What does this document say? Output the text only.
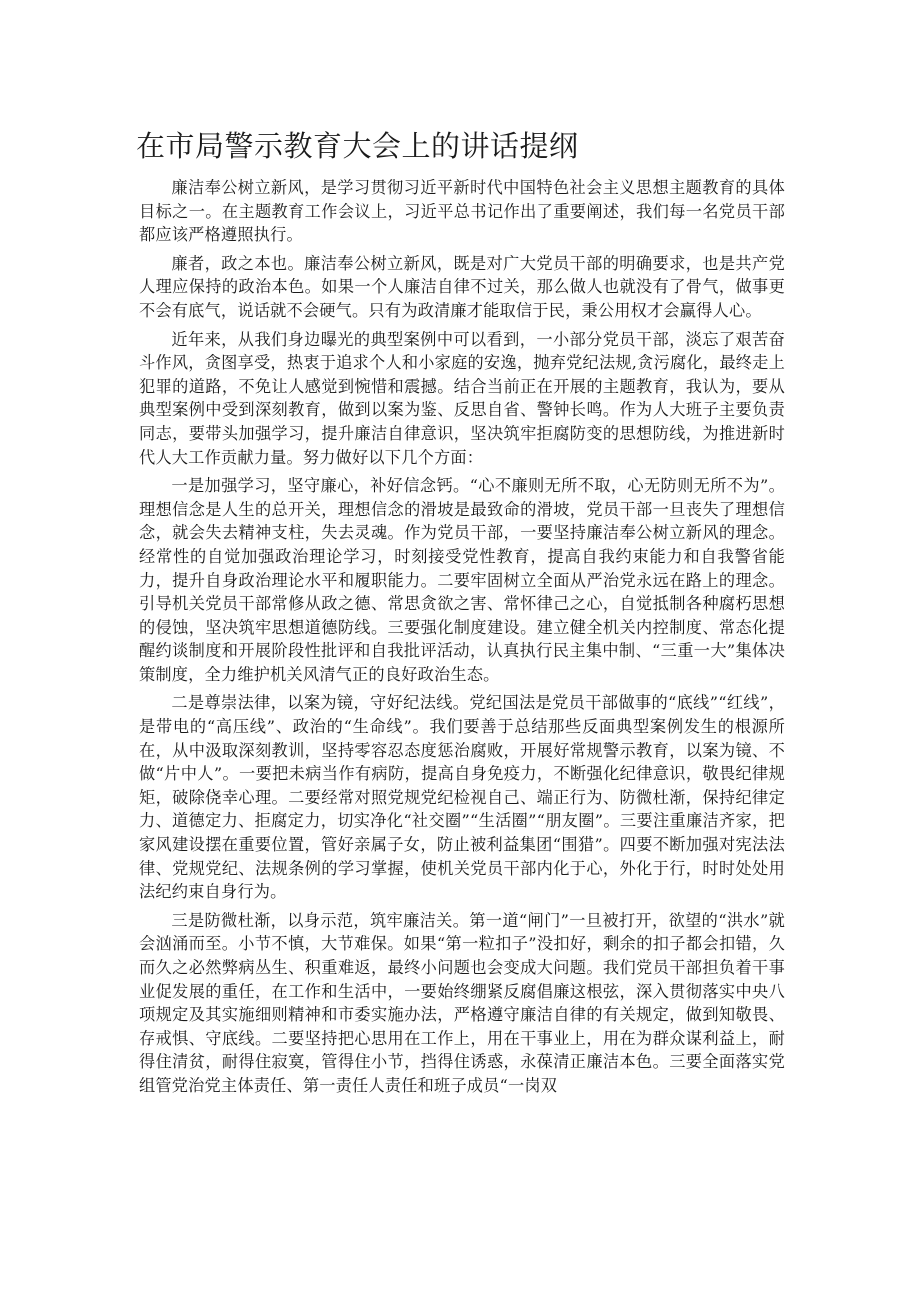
在市局警示教育大会上的讲话提纲

廉洁奉公树立新风，是学习贯彻习近平新时代中国特色社会主义思想主题教育的具体目标之一。在主题教育工作会议上，习近平总书记作出了重要阐述，我们每一名党员干部都应该严格遵照执行。

廉者，政之本也。廉洁奉公树立新风，既是对广大党员干部的明确要求，也是共产党人理应保持的政治本色。如果一个人廉洁自律不过关，那么做人也就没有了骨气，做事更不会有底气，说话就不会硬气。只有为政清廉才能取信于民，秉公用权才会赢得人心。

近年来，从我们身边曝光的典型案例中可以看到，一小部分党员干部，淡忘了艰苦奋斗作风，贪图享受，热衷于追求个人和小家庭的安逸，抛弃党纪法规,贪污腐化，最终走上犯罪的道路，不免让人感觉到惋惜和震撼。结合当前正在开展的主题教育，我认为，要从典型案例中受到深刻教育，做到以案为鉴、反思自省、警钟长鸣。作为人大班子主要负责同志，要带头加强学习，提升廉洁自律意识，坚决筑牢拒腐防变的思想防线，为推进新时代人大工作贡献力量。努力做好以下几个方面：

一是加强学习，坚守廉心，补好信念钙。“心不廉则无所不取，心无防则无所不为”。理想信念是人生的总开关，理想信念的滑坡是最致命的滑坡，党员干部一旦丧失了理想信念，就会失去精神支柱，失去灵魂。作为党员干部，一要坚持廉洁奉公树立新风的理念。经常性的自觉加强政治理论学习，时刻接受党性教育，提高自我约束能力和自我警省能力，提升自身政治理论水平和履职能力。二要牢固树立全面从严治党永远在路上的理念。引导机关党员干部常修从政之德、常思贪欲之害、常怀律己之心，自觉抵制各种腐朽思想的侵蚀，坚决筑牢思想道德防线。三要强化制度建设。建立健全机关内控制度、常态化提醒约谈制度和开展阶段性批评和自我批评活动，认真执行民主集中制、“三重一大”集体决策制度，全力维护机关风清气正的良好政治生态。

二是尊崇法律，以案为镜，守好纪法线。党纪国法是党员干部做事的“底线”“红线”，是带电的“高压线”、政治的“生命线”。我们要善于总结那些反面典型案例发生的根源所在，从中汲取深刻教训，坚持零容忍态度惩治腐败，开展好常规警示教育，以案为镜、不做“片中人”。一要把未病当作有病防，提高自身免疫力，不断强化纪律意识，敬畏纪律规矩，破除侥幸心理。二要经常对照党规党纪检视自己、端正行为、防微杜渐，保持纪律定力、道德定力、拒腐定力，切实净化“社交圈”“生活圈”“朋友圈”。三要注重廉洁齐家，把家风建设摆在重要位置，管好亲属子女，防止被利益集团“围猎”。四要不断加强对宪法法律、党规党纪、法规条例的学习掌握，使机关党员干部内化于心，外化于行，时时处处用法纪约束自身行为。

三是防微杜渐，以身示范，筑牢廉洁关。第一道“闸门”一旦被打开，欲望的“洪水”就会汹涌而至。小节不慎，大节难保。如果“第一粒扣子”没扣好，剩余的扣子都会扣错，久而久之必然弊病丛生、积重难返，最终小问题也会变成大问题。我们党员干部担负着干事业促发展的重任，在工作和生活中，一要始终绷紧反腐倡廉这根弦，深入贯彻落实中央八项规定及其实施细则精神和市委实施办法，严格遵守廉洁自律的有关规定，做到知敬畏、存戒惧、守底线。二要坚持把心思用在工作上，用在干事业上，用在为群众谋利益上，耐得住清贫，耐得住寂寞，管得住小节，挡得住诱惑，永葆清正廉洁本色。三要全面落实党组管党治党主体责任、第一责任人责任和班子成员“一岗双
